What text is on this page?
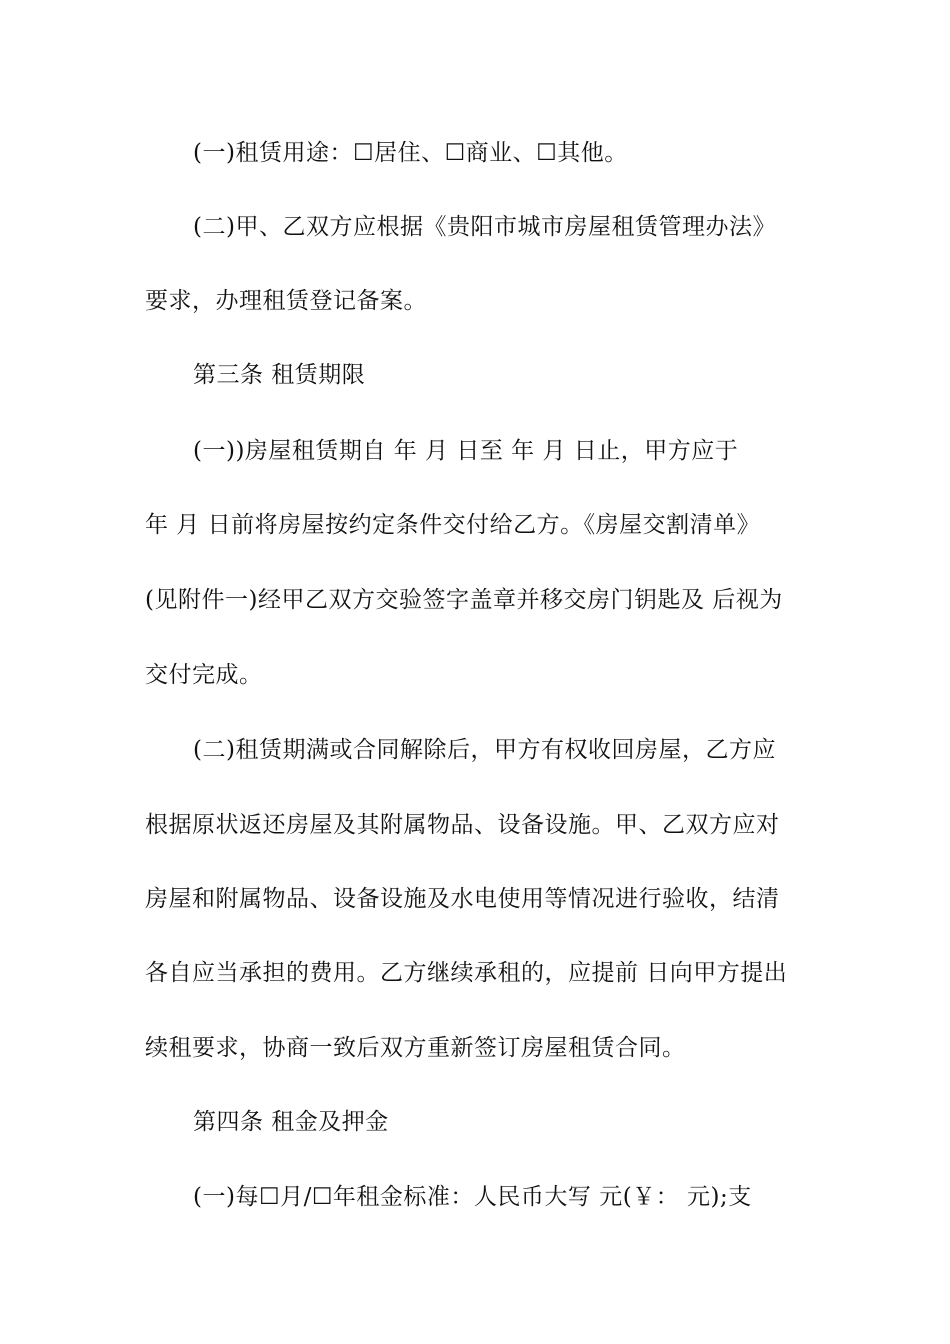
(一)租赁用途：☐居住、☐商业、☐其他。
(二)甲、乙双方应根据《贵阳市城市房屋租赁管理办法》
要求，办理租赁登记备案。
第三条 租赁期限
(一))房屋租赁期自 年 月 日至 年 月 日止，甲方应于
年 月 日前将房屋按约定条件交付给乙方。《房屋交割清单》
(见附件一)经甲乙双方交验签字盖章并移交房门钥匙及 后视为
交付完成。
(二)租赁期满或合同解除后，甲方有权收回房屋，乙方应
根据原状返还房屋及其附属物品、设备设施。甲、乙双方应对
房屋和附属物品、设备设施及水电使用等情况进行验收，结清
各自应当承担的费用。乙方继续承租的，应提前 日向甲方提出
续租要求，协商一致后双方重新签订房屋租赁合同。
第四条 租金及押金
(一)每☐月/☐年租金标准：人民币大写 元(￥： 元);支
